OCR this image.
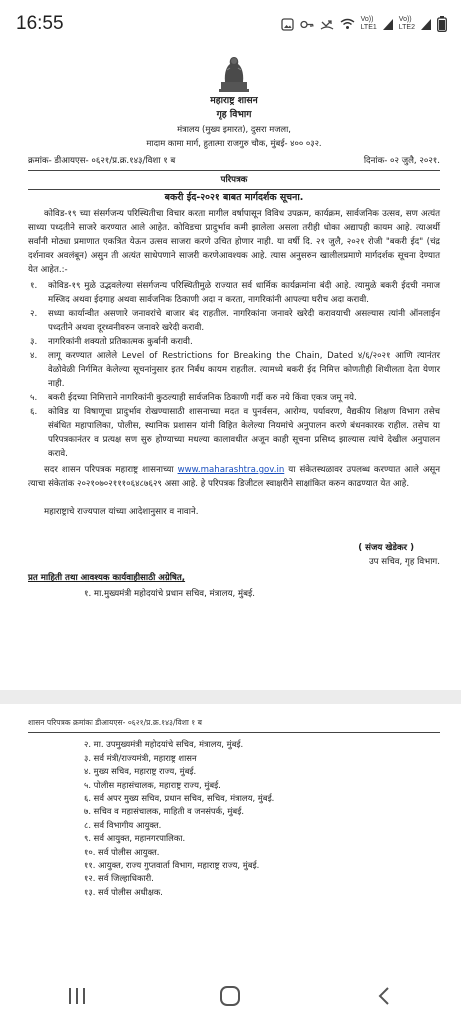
16:55	Vo))
LTE1
Vo))
LTE2
महाराष्ट्र शासन
गृह विभाग
मंत्रालय (मुख्य इमारत), दुसरा मजला,
मादाम कामा मार्ग, हुतात्मा राजगुरु चौक, मुंबई- ४०० ०३२.
क्रमांक- डीआयएस- ०६२१/प्र.क्र.१४३/विशा १ ब	दिनांक- ०२ जुलै, २०२१.
परिपत्रक
बकरी ईद-२०२१ बाबत मार्गदर्शक सूचना.
कोविड-१९ च्या संसर्गजन्य परिस्थितीचा विचार करता मागील वर्षापासून विविध उपक्रम, कार्यक्रम, सार्वजनिक उत्सव, सण अत्यंत साध्या पध्दतीने साजरे करण्यात आले आहेत. कोविडचा प्रादुर्भाव कमी झालेला असला तरीही धोका अद्यापही कायम आहे. त्याअर्थी सर्वांनी मोठ्या प्रमाणात एकत्रित येऊन उत्सव साजरा करणे उचित होणार नाही. या वर्षी दि. २१ जुलै, २०२१ रोजी "बकरी ईद" (चंद्र दर्शनावर अवलंबून) असुन ती अत्यंत साधेपणाने साजरी करणेआवश्यक आहे. त्यास अनुसरुन खालीलप्रमाणे मार्गदर्शक सूचना देण्यात येत आहेत.:-
१.	कोविड-१९ मुळे उद्भवलेल्या संसर्गजन्य परिस्थितीमुळे राज्यात सर्व धार्मिक कार्यक्रमांना बंदी आहे. त्यामुळे बकरी ईदची नमाज मस्जिद अथवा ईदगाह अथवा सार्वजनिक ठिकाणी अदा न करता, नागरिकांनी आपल्या घरीच अदा करावी.
२.	सध्या कार्यान्वीत असणारे जनावरांचे बाजार बंद राहतील. नागरिकांना जनावरे खरेदी करावयाची असल्यास त्यांनी ऑनलाईन पध्दतीने अथवा दूरध्वनीवरुन जनावरे खरेदी करावी.
३.	नागरिकांनी शक्यतो प्रतिकात्मक कुर्बानी करावी.
४.	लागू करण्यात आलेले Level of Restrictions for Breaking the Chain, Dated ४/६/२०२१ आणि त्यानंतर वेळोवेळी निर्गमित केलेल्या सूचनांनुसार इतर निर्बंध कायम राहतील. त्यामध्ये बकरी ईद निमित्त कोणतीही शिथीलता देता येणार नाही.
५.	बकरी ईदच्या निमित्ताने नागरिकांनी कुठल्याही सार्वजनिक ठिकाणी गर्दी करु नये किंवा एकत्र जमू नये.
६.	कोविड या विषाणूचा प्रादुर्भाव रोखण्यासाठी शासनाच्या मदत व पुनर्वसन, आरोग्य, पर्यावरण, वैद्यकीय शिक्षण विभाग तसेच संबंधित महापालिका, पोलीस, स्थानिक प्रशासन यांनी विहित केलेल्या नियमांचे अनुपालन करणे बंधनकारक राहील. तसेच या परिपत्रकानंतर व प्रत्यक्ष सण सुरु होण्याच्या मधल्या कालावधीत अजून काही सूचना प्रसिध्द झाल्यास त्यांचे देखील अनुपालन करावे.
सदर शासन परिपत्रक महाराष्ट्र शासनाच्या www.maharashtra.gov.in या संकेतस्थळावर उपलब्ध करण्यात आले असून त्याचा संकेतांक २०२१०७०२१११०६४८७६२९ असा आहे. हे परिपत्रक डिजीटल स्वाक्षरीने साक्षांकित करुन काढण्यात येत आहे.
महाराष्ट्राचे राज्यपाल यांच्या आदेशानुसार व नावाने.
( संजय खेडेकर )
उप सचिव, गृह विभाग.
प्रत माहिती तथा आवश्यक कार्यवाहीसाठी अग्रेषित,
१. मा.मुख्यमंत्री महोदयांचे प्रधान सचिव, मंत्रालय, मुंबई.
शासन परिपत्रक क्रमांकः डीआयएस- ०६२१/प्र.क्र.१४३/विशा १ ब
२. मा. उपमुख्यमंत्री महोदयांचे सचिव, मंत्रालय, मुंबई.
३. सर्व मंत्री/राज्यमंत्री, महाराष्ट्र शासन
४. मुख्य सचिव, महाराष्ट्र राज्य, मुंबई.
५. पोलीस महासंचालक, महाराष्ट्र राज्य, मुंबई.
६. सर्व अपर मुख्य सचिव, प्रधान सचिव, सचिव, मंत्रालय, मुंबई.
७. सचिव व महासंचालक, माहिती व जनसंपर्क, मुंबई.
८. सर्व विभागीय आयुक्त.
९. सर्व आयुक्त, महानगरपालिका.
१०. सर्व पोलीस आयुक्त.
११. आयुक्त, राज्य गुप्तवार्ता विभाग, महाराष्ट्र राज्य, मुंबई.
१२. सर्व जिल्हाधिकारी.
१३. सर्व पोलीस अधीक्षक.
